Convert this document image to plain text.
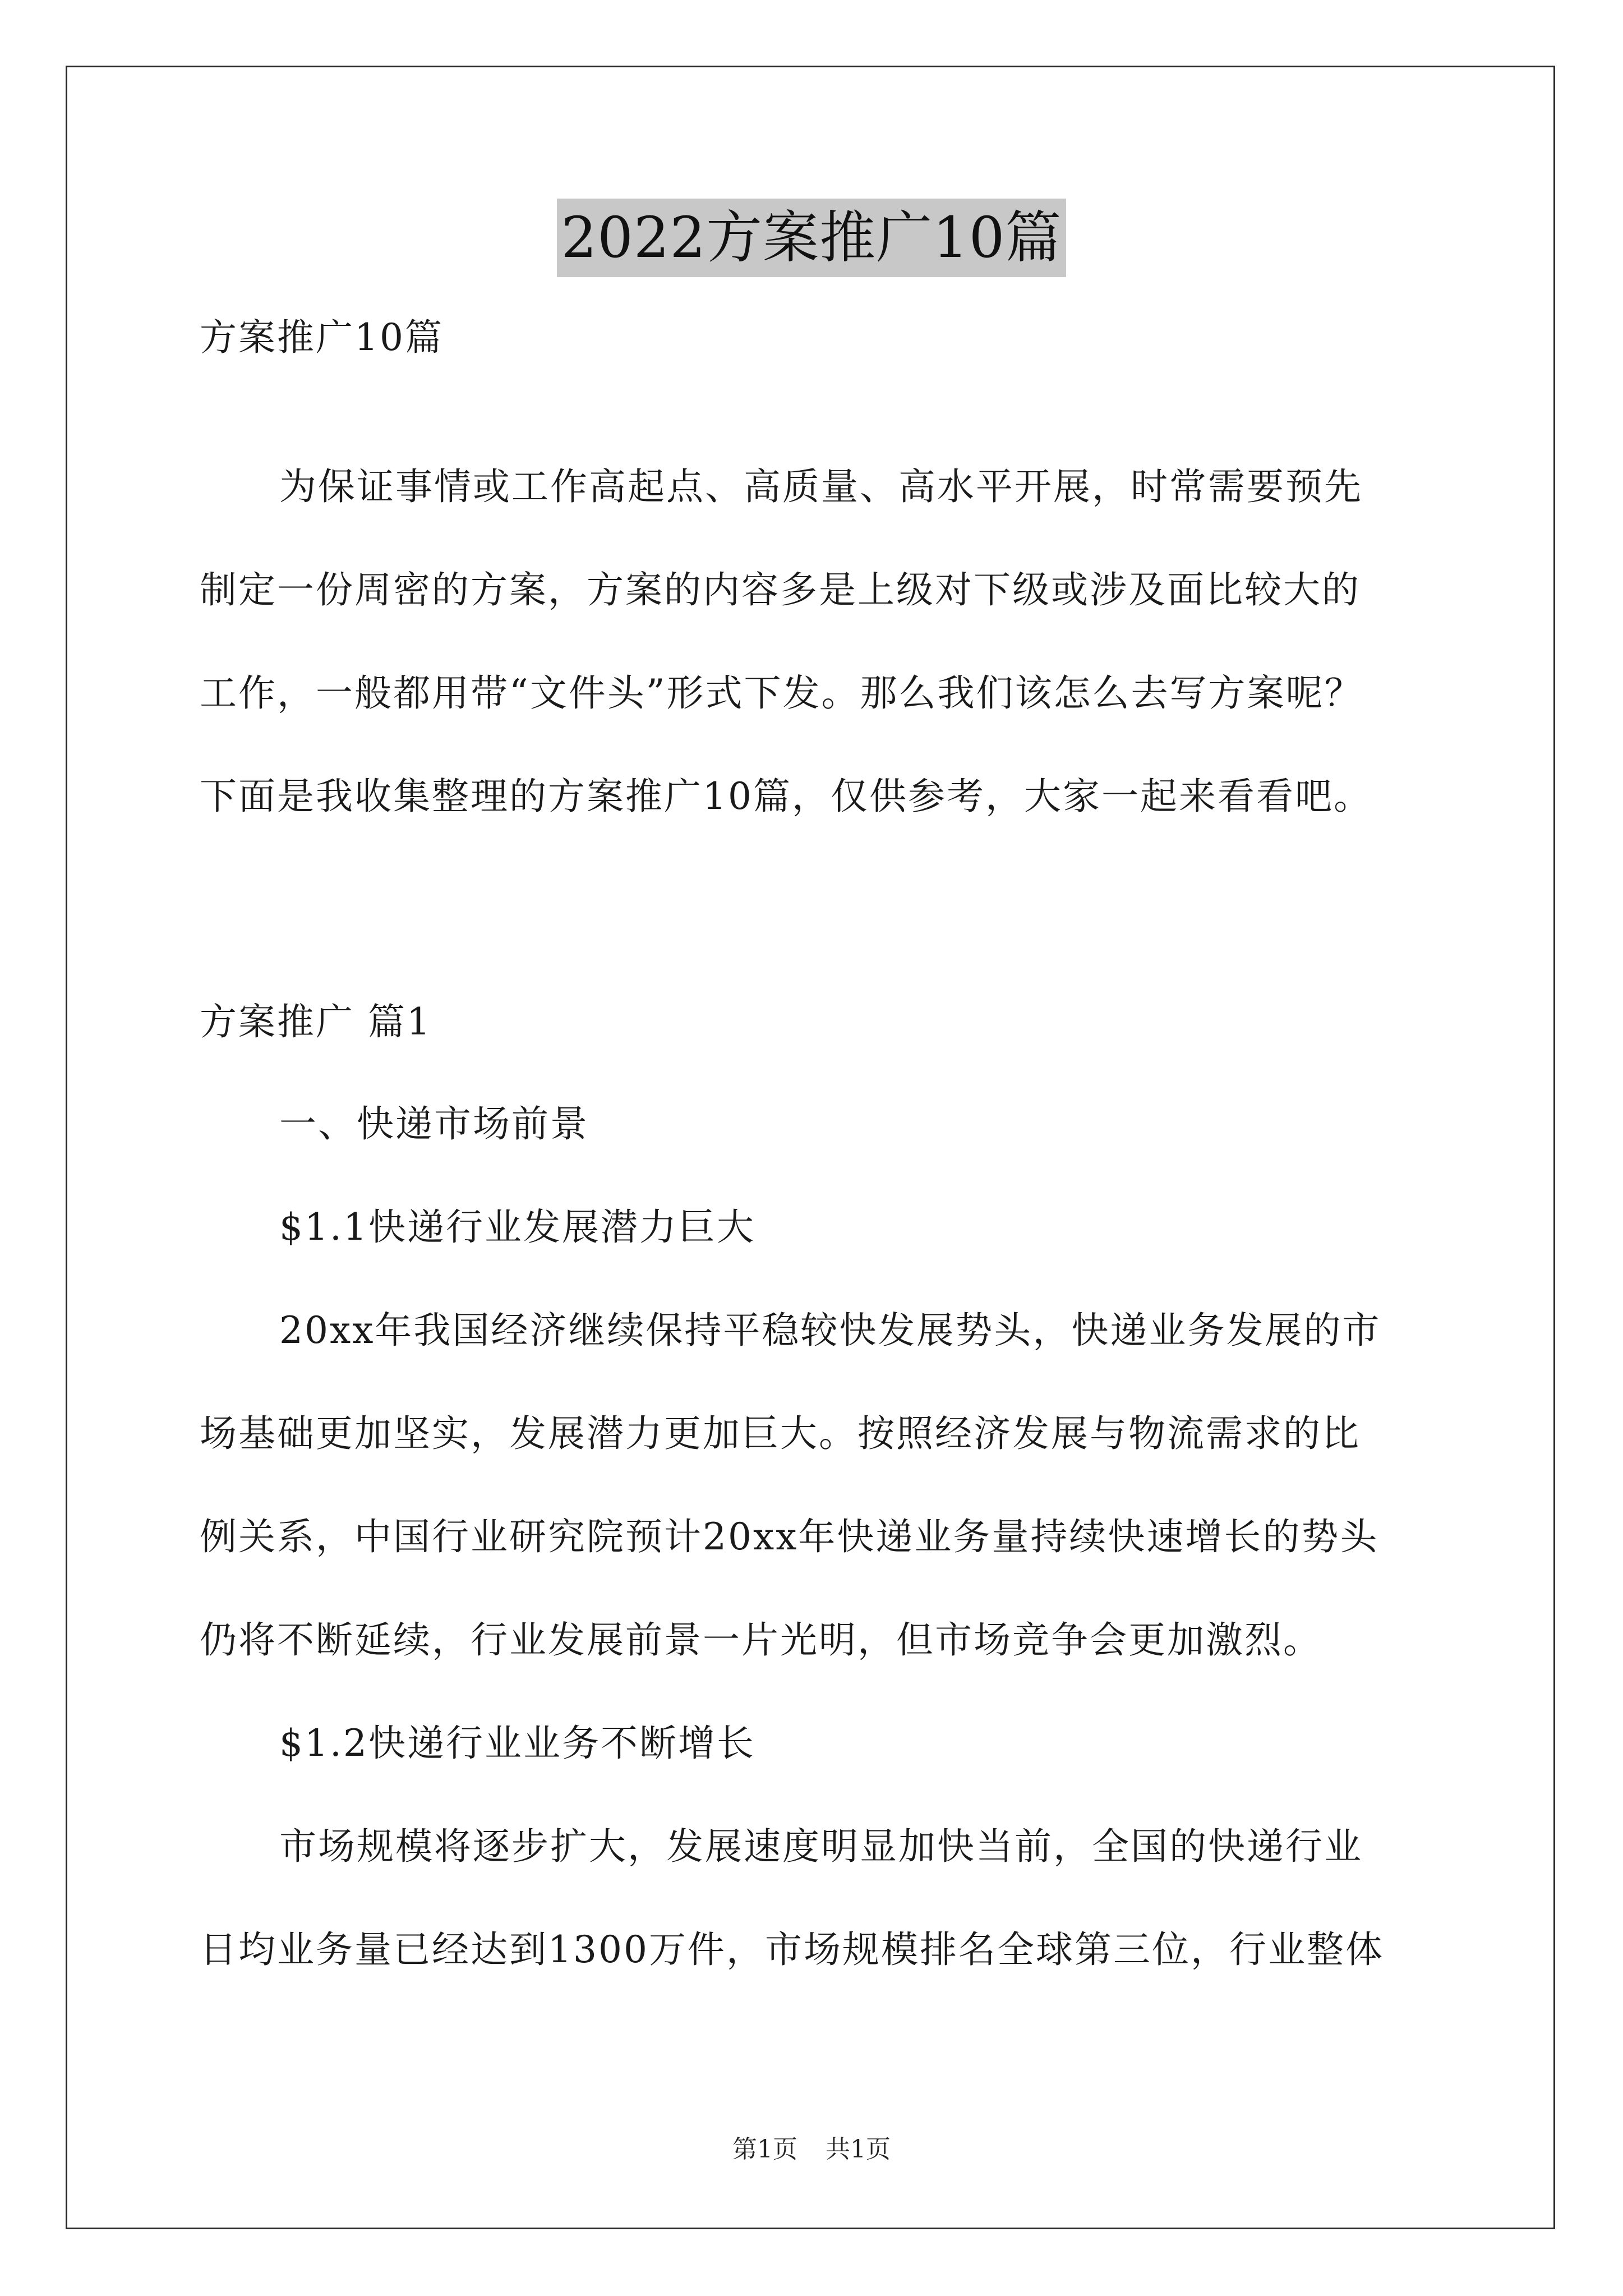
2022方案推广10篇
方案推广10篇
为保证事情或工作高起点、高质量、高水平开展，时常需要预先
制定一份周密的方案，方案的内容多是上级对下级或涉及面比较大的
工作，一般都用带“文件头”形式下发。那么我们该怎么去写方案呢？
下面是我收集整理的方案推广10篇，仅供参考，大家一起来看看吧。
方案推广 篇1
一、快递市场前景
$1.1快递行业发展潜力巨大
20xx年我国经济继续保持平稳较快发展势头，快递业务发展的市
场基础更加坚实，发展潜力更加巨大。按照经济发展与物流需求的比
例关系，中国行业研究院预计20xx年快递业务量持续快速增长的势头
仍将不断延续，行业发展前景一片光明，但市场竞争会更加激烈。
$1.2快递行业业务不断增长
市场规模将逐步扩大，发展速度明显加快当前，全国的快递行业
日均业务量已经达到1300万件，市场规模排名全球第三位，行业整体
第1页 共1页
